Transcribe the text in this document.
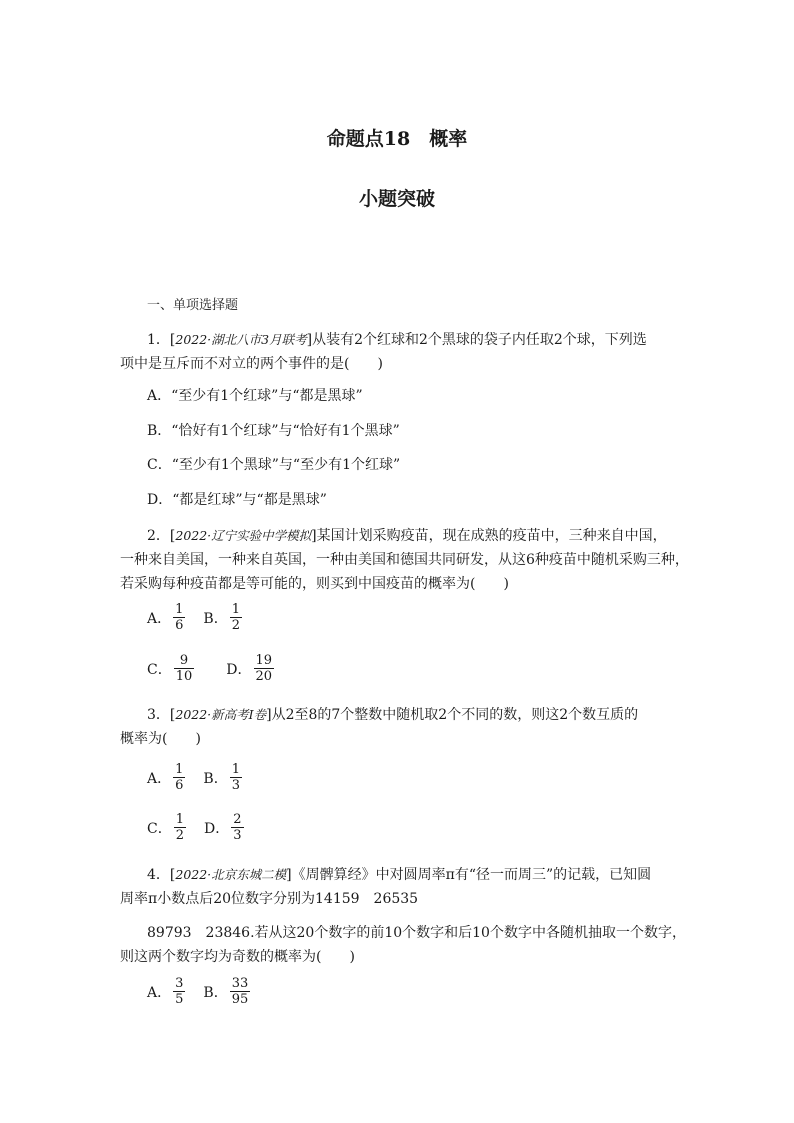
命题点18　概率
小题突破
一、单项选择题
1．[2022·湖北八市3月联考]从装有2个红球和2个黑球的袋子内任取2个球，下列选
项中是互斥而不对立的两个事件的是(　　)
A．“至少有1个红球”与“都是黑球”
B．“恰好有1个红球”与“恰好有1个黑球”
C．“至少有1个黑球”与“至少有1个红球”
D．“都是红球”与“都是黑球”
2．[2022·辽宁实验中学模拟]某国计划采购疫苗，现在成熟的疫苗中，三种来自中国，
一种来自美国，一种来自英国，一种由美国和德国共同研发，从这6种疫苗中随机采购三种，
若采购每种疫苗都是等可能的，则买到中国疫苗的概率为(　　)
A． $\frac{1}{6}$ B． $\frac{1}{2}$
C． $\frac{9}{10}$ D． $\frac{19}{20}$
3．[2022·新高考Ⅰ卷]从2至8的7个整数中随机取2个不同的数，则这2个数互质的
概率为(　　)
A． $\frac{1}{6}$ B． $\frac{1}{3}$
C． $\frac{1}{2}$ D． $\frac{2}{3}$
4．[2022·北京东城二模]《周髀算经》中对圆周率π有“径一而周三”的记载，已知圆
周率π小数点后20位数字分别为14159　26535
89793　23846.若从这20个数字的前10个数字和后10个数字中各随机抽取一个数字，
则这两个数字均为奇数的概率为(　　)
A． $\frac{3}{5}$ B． $\frac{33}{95}$
